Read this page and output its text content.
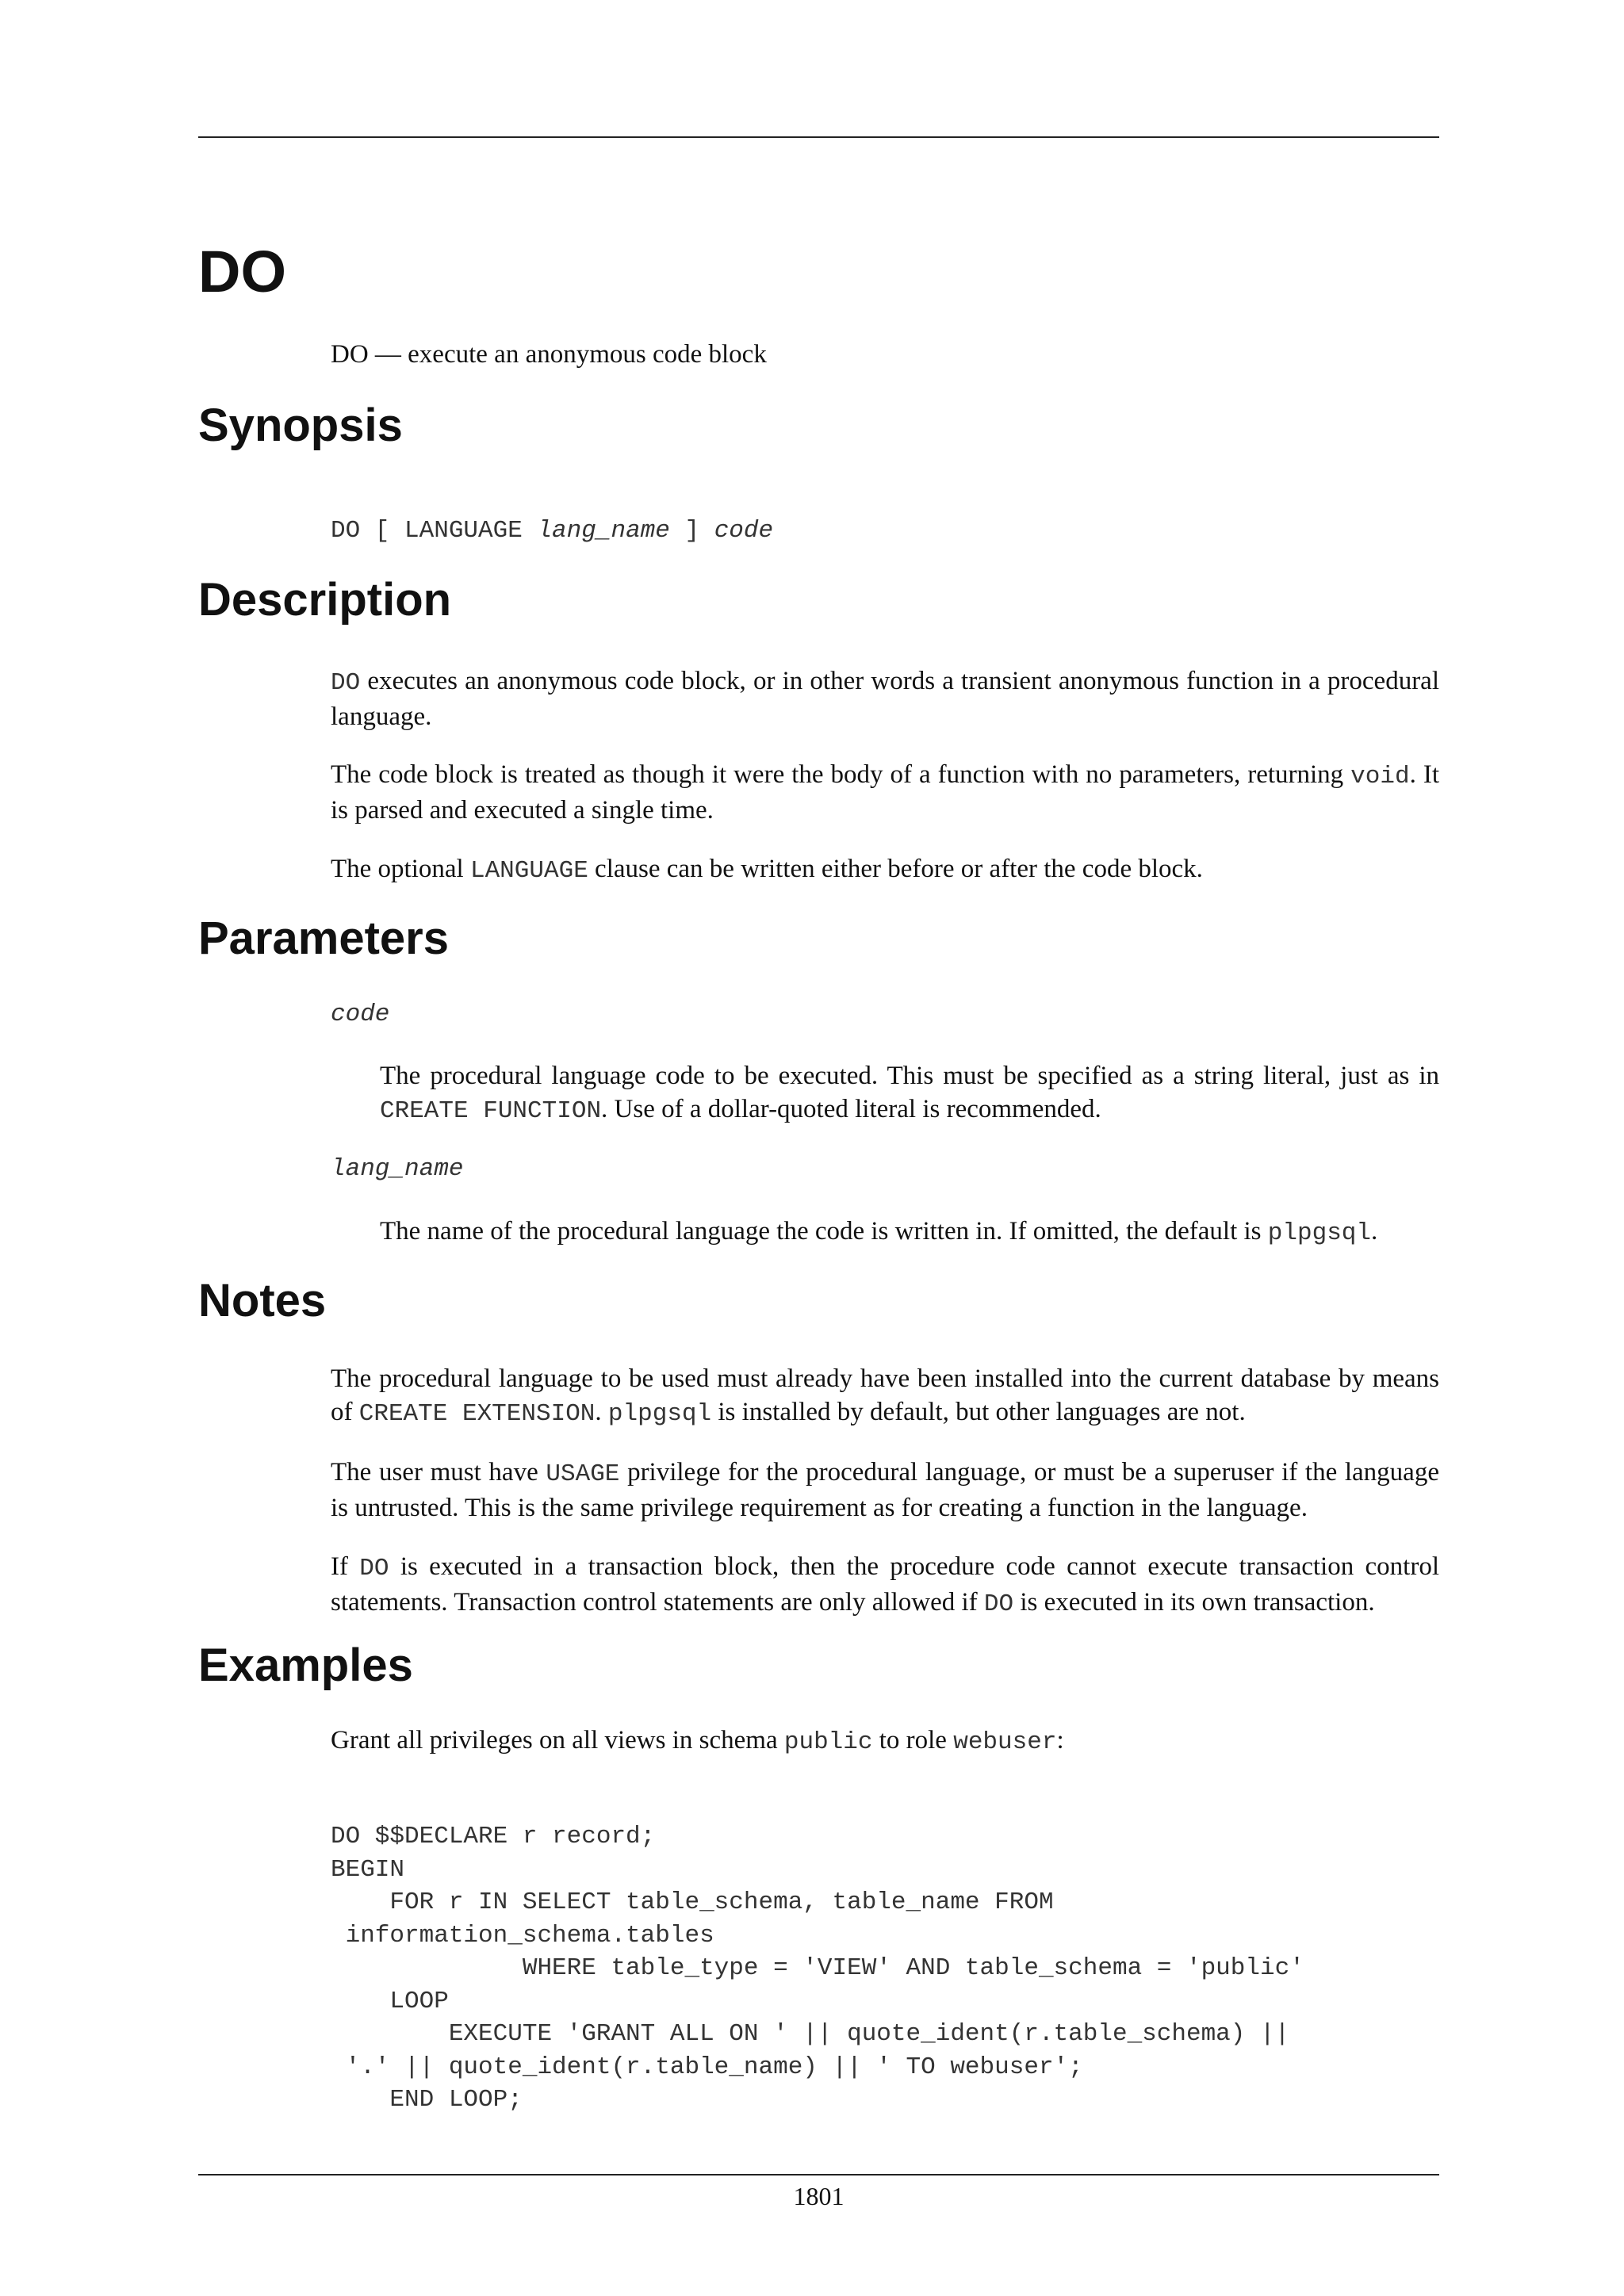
DO

DO — execute an anonymous code block

Synopsis
DO [ LANGUAGE lang_name ] code
Description

DO executes an anonymous code block, or in other words a transient anonymous function in a procedural language.

The code block is treated as though it were the body of a function with no parameters, returning void. It is parsed and executed a single time.

The optional LANGUAGE clause can be written either before or after the code block.

Parameters
code

The procedural language code to be executed. This must be specified as a string literal, just as in CREATE FUNCTION. Use of a dollar-quoted literal is recommended.

lang_name

The name of the procedural language the code is written in. If omitted, the default is plpgsql.

Notes

The procedural language to be used must already have been installed into the current database by means of CREATE EXTENSION. plpgsql is installed by default, but other languages are not.

The user must have USAGE privilege for the procedural language, or must be a superuser if the language is untrusted. This is the same privilege requirement as for creating a function in the language.

If DO is executed in a transaction block, then the procedure code cannot execute transaction control statements. Transaction control statements are only allowed if DO is executed in its own transaction.

Examples

Grant all privileges on all views in schema public to role webuser:

DO $$DECLARE r record;
BEGIN
FOR r IN SELECT table_schema, table_name FROM
information_schema.tables
WHERE table_type = 'VIEW' AND table_schema = 'public'
LOOP
EXECUTE 'GRANT ALL ON ' || quote_ident(r.table_schema) ||
'.' || quote_ident(r.table_name) || ' TO webuser';
END LOOP;
1801
